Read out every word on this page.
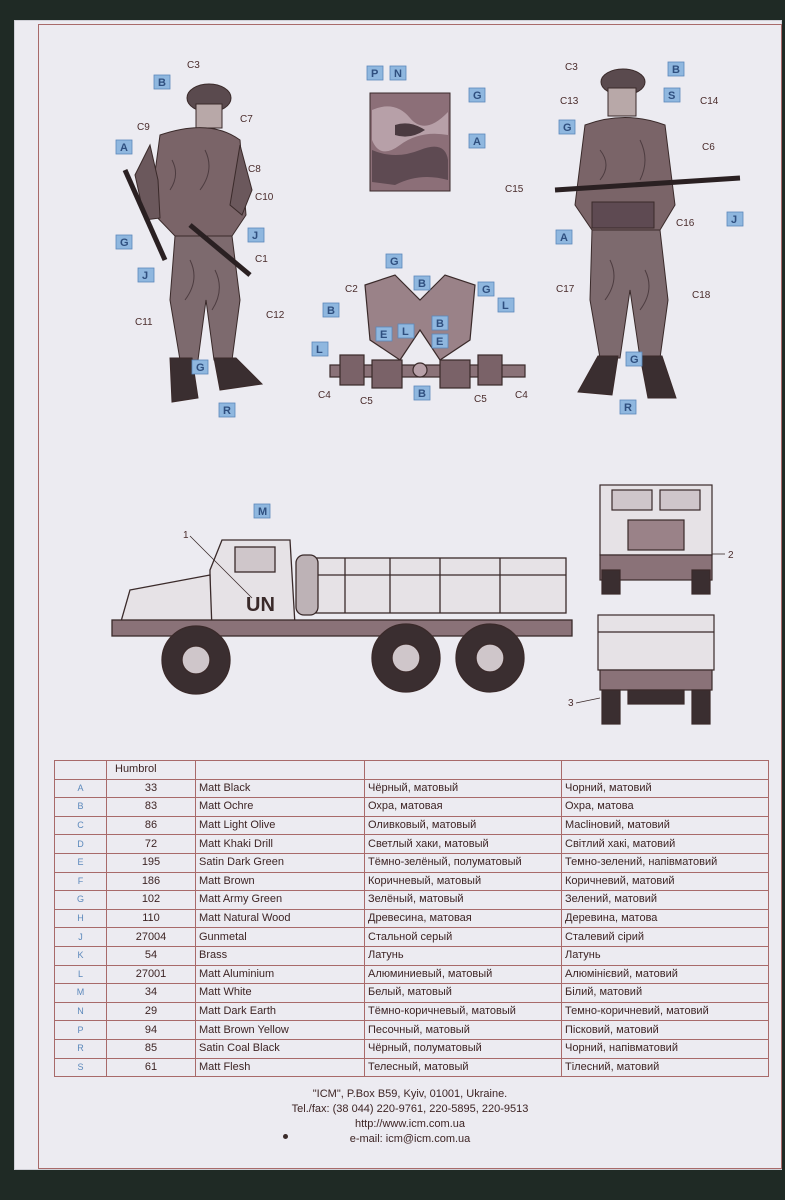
C3
B
C7
C9
A
C8
C10
J
G
C1
J
C12
C11
G
R
P N
G
A
G
C2	B	G
B	L
B
E L
E
L
C4
C5
B	C5	C4
C3	B
C13	S C14
G
C6
C15
J
C16
A
C17
C18
G
R
M
1
UN
2
3
	Humbrol			
A	33	Matt Black	Чёрный, матовый	Чорний, матовий
B	83	Matt Ochre	Охра, матовая	Охра, матова
C	86	Matt Light Olive	Оливковый, матовый	Масliновий, матовий
D	72	Matt Khaki Drill	Светлый хаки, матовый	Світлий хакі, матовий
E	195	Satin Dark Green	Тёмно-зелёный, полуматовый	Темно-зелений, напівматовий
F	186	Matt Brown	Коричневый, матовый	Коричневий, матовий
G	102	Matt Army Green	Зелёный, матовый	Зелений, матовий
H	110	Matt Natural Wood	Древесина, матовая	Деревина, матова
J	27004	Gunmetal	Стальной серый	Сталевий сірий
K	54	Brass	Латунь	Латунь
L	27001	Matt Aluminium	Алюминиевый, матовый	Алюмінієвий, матовий
M	34	Matt White	Белый, матовый	Білий, матовий
N	29	Matt Dark Earth	Тёмно-коричневый, матовый	Темно-коричневий, матовий
P	94	Matt Brown Yellow	Песочный, матовый	Пісковий, матовий
R	85	Satin Coal Black	Чёрный, полуматовый	Чорний, напівматовий
S	61	Matt Flesh	Телесный, матовый	Тілесний, матовий
"ICM", P.Box B59, Kyiv, 01001, Ukraine.
Tel./fax: (38 044) 220-9761, 220-5895, 220-9513
http://www.icm.com.ua
e-mail: icm@icm.com.ua
